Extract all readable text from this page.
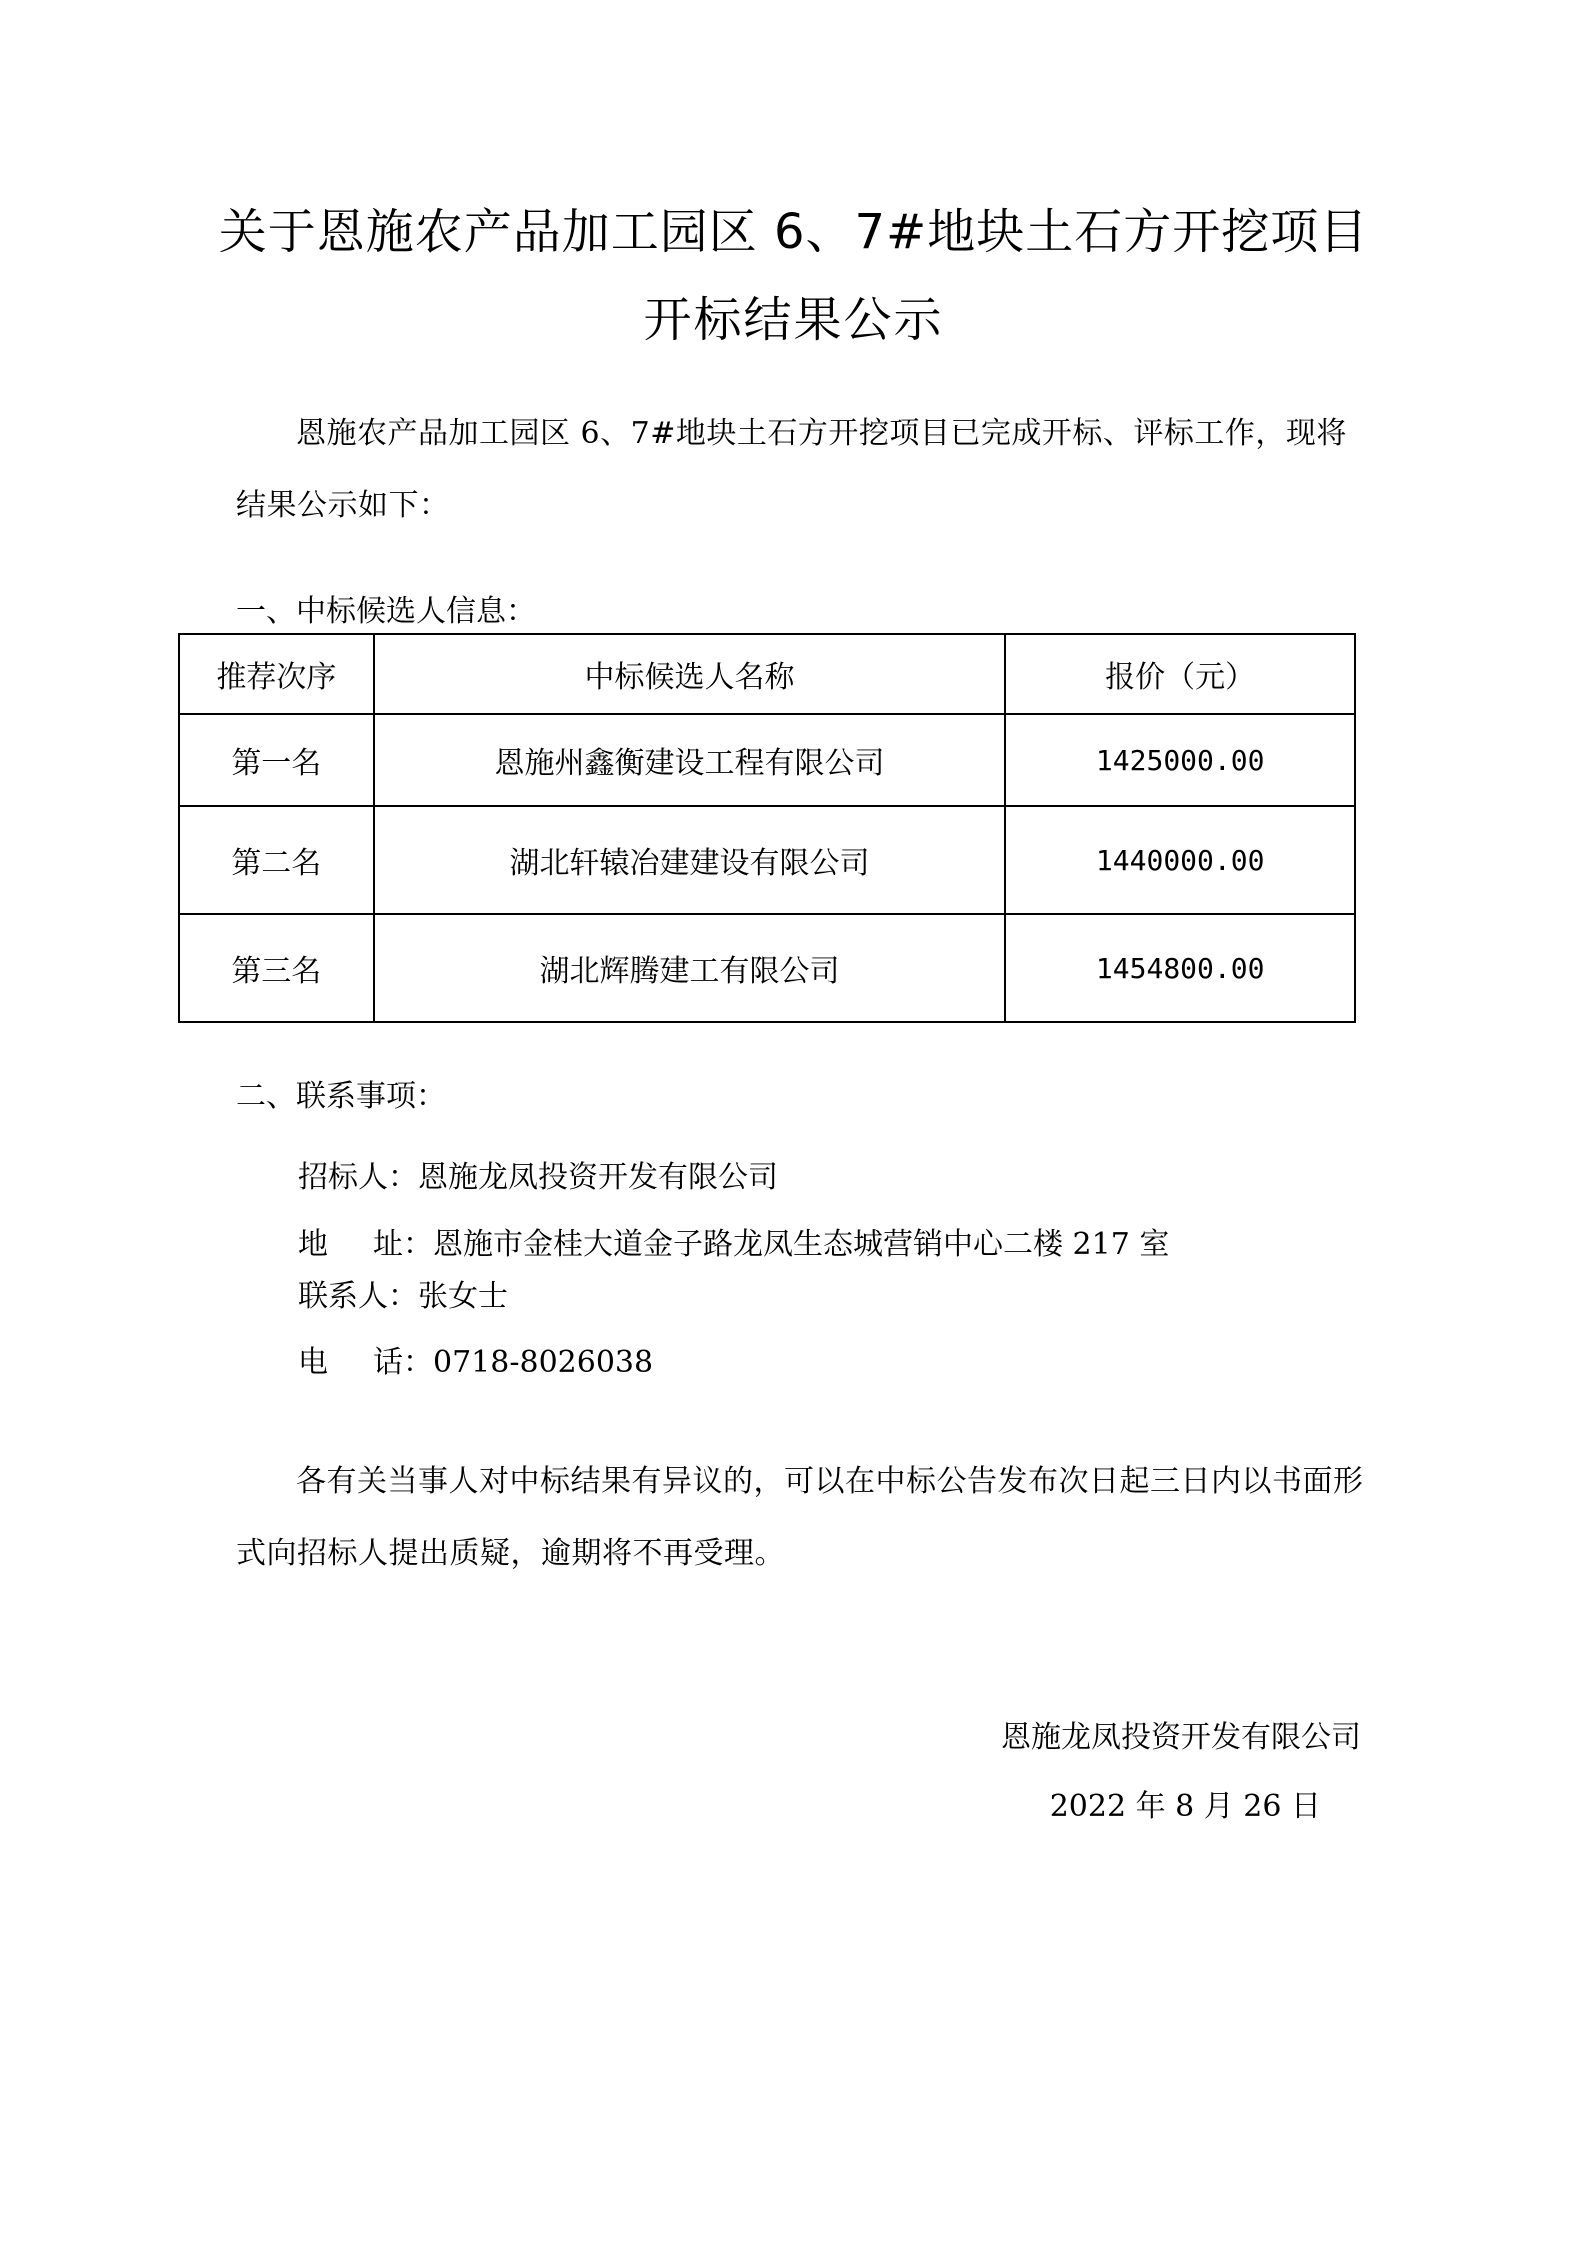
关于恩施农产品加工园区 6、7#地块土石方开挖项目
开标结果公示

恩施农产品加工园区 6、7#地块土石方开挖项目已完成开标、评标工作，现将结果公示如下：

一、中标候选人信息：
推荐次序	中标候选人名称	报价（元）
第一名	恩施州鑫衡建设工程有限公司	1425000.00
第二名	湖北轩辕冶建建设有限公司	1440000.00
第三名	湖北辉腾建工有限公司	1454800.00
二、联系事项：
招标人：恩施龙凤投资开发有限公司
地 址：恩施市金桂大道金子路龙凤生态城营销中心二楼 217 室
联系人：张女士
电 话：0718-8026038

各有关当事人对中标结果有异议的，可以在中标公告发布次日起三日内以书面形式向招标人提出质疑，逾期将不再受理。

恩施龙凤投资开发有限公司
2022 年 8 月 26 日
